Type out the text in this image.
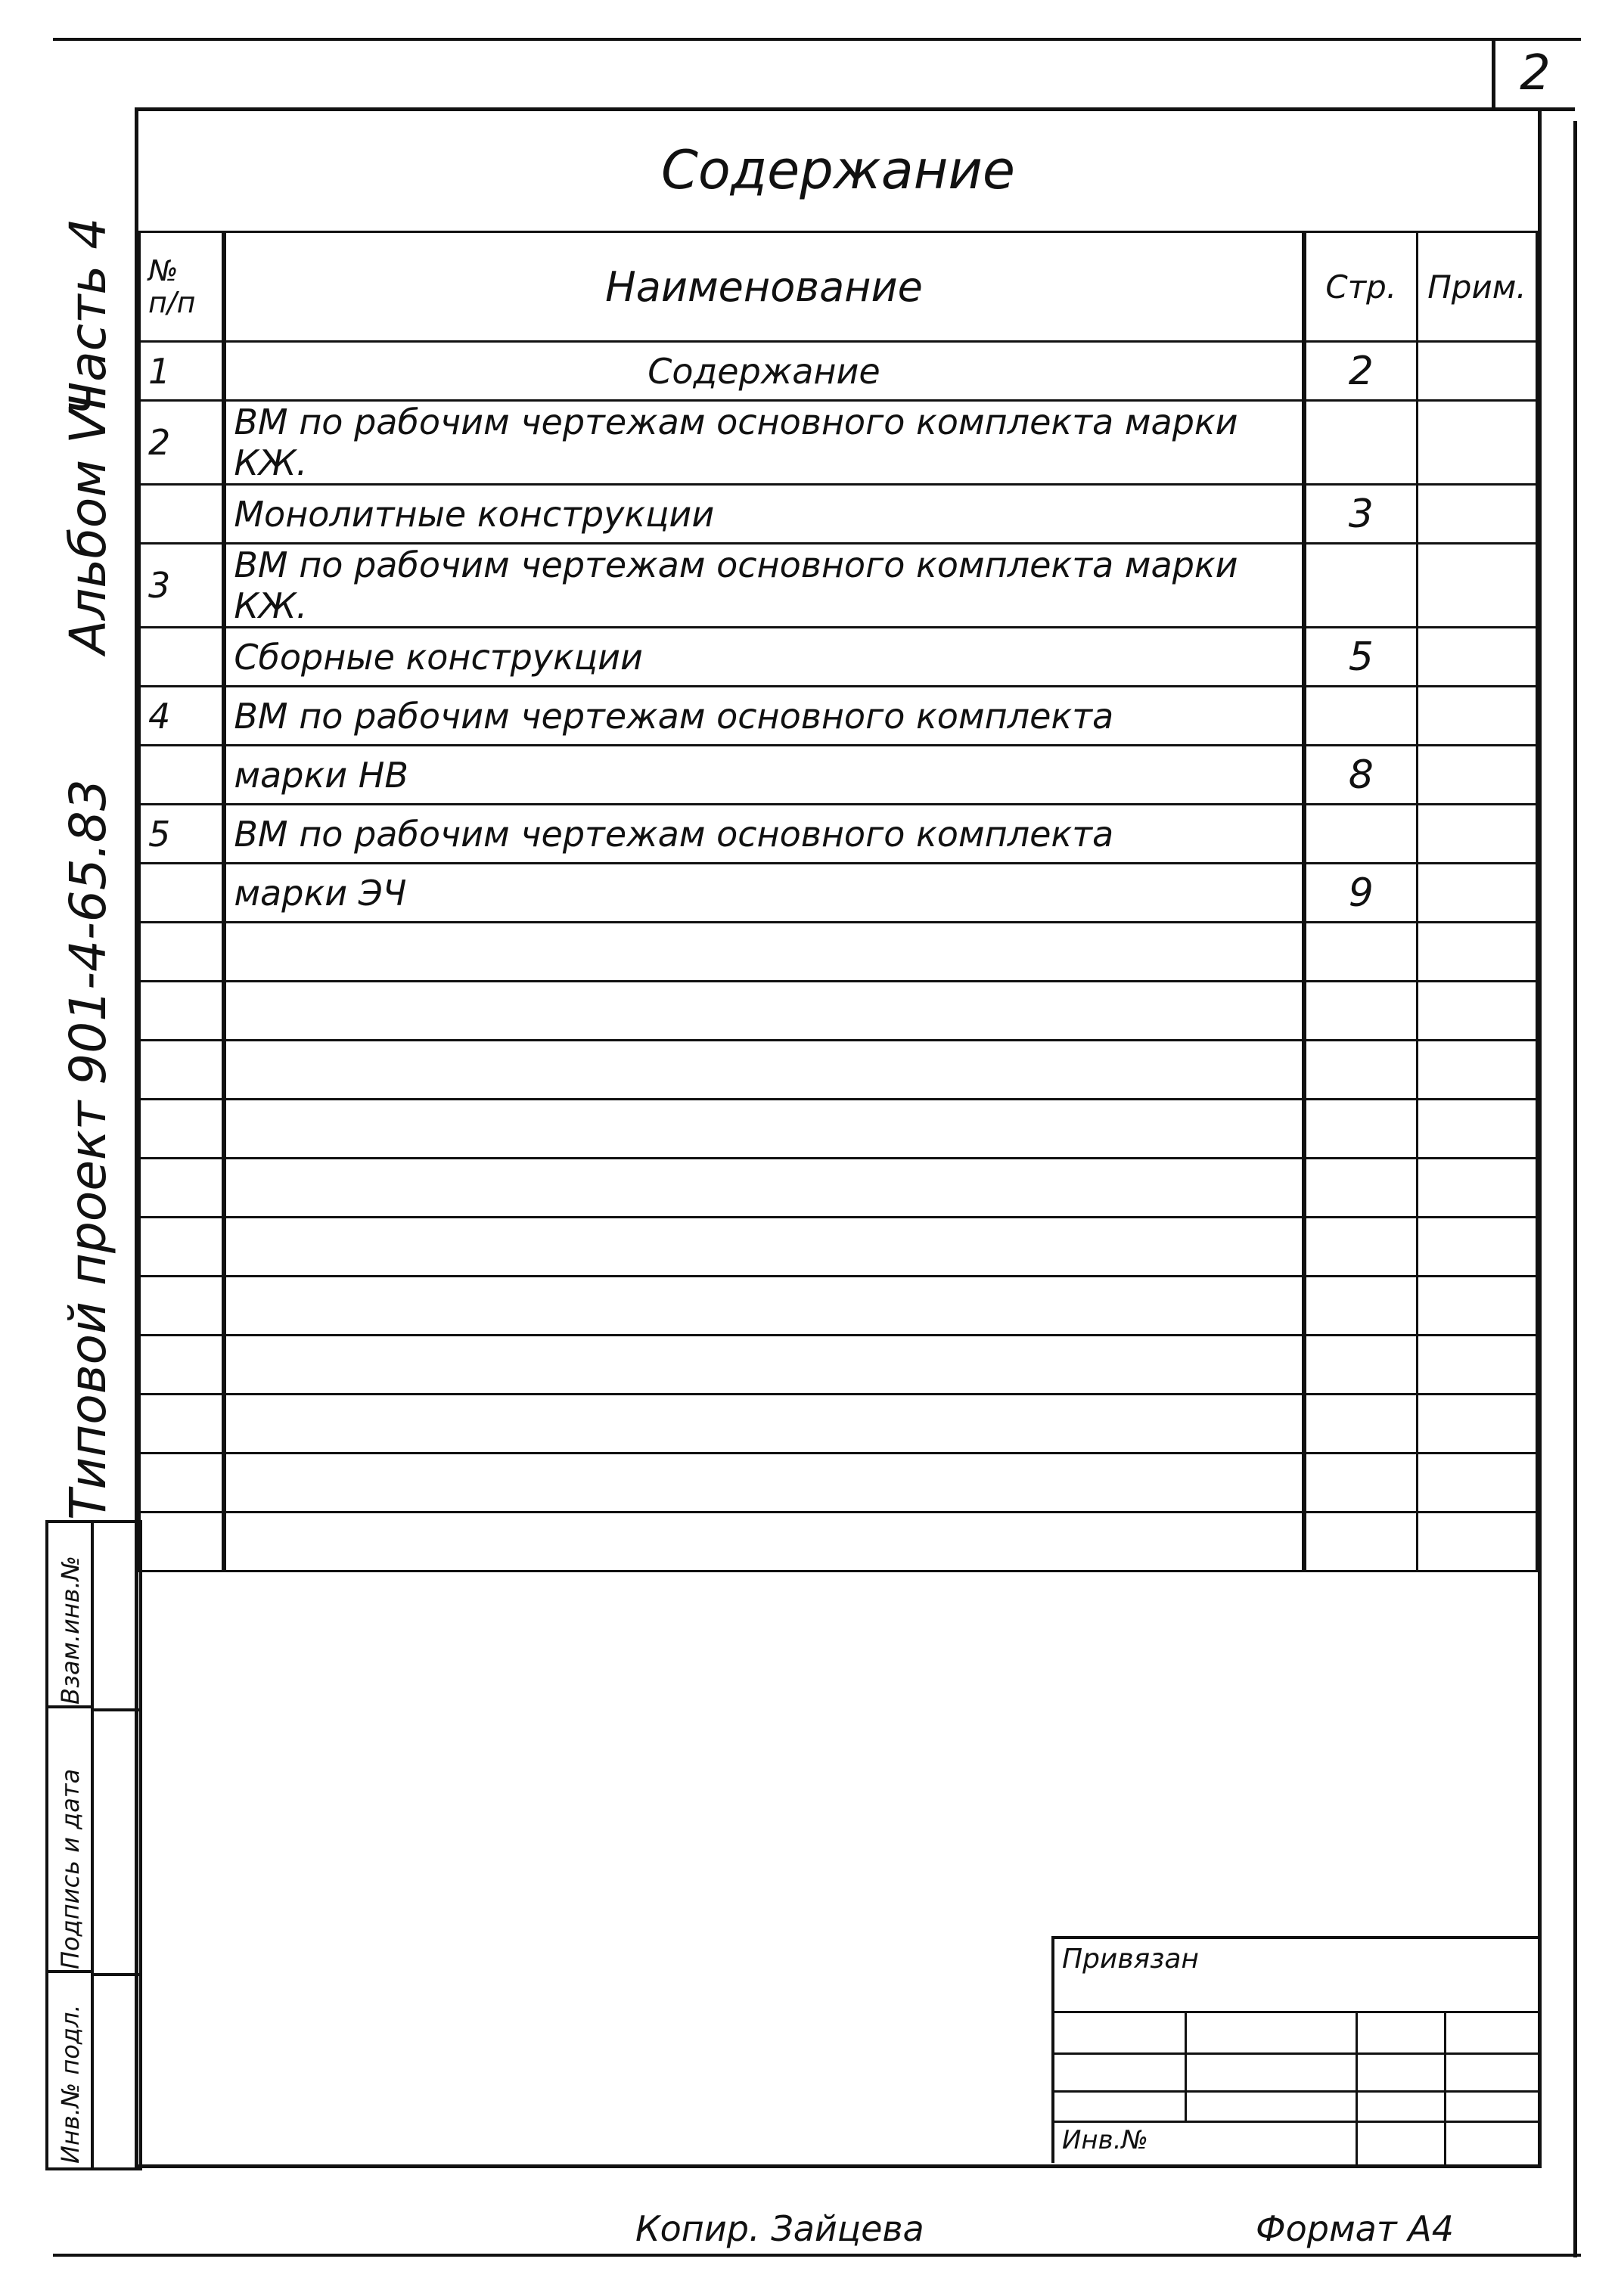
2
Содержание
№ п/п	Наименование	Стр.	Прим.
1	Содержание	2	
2	ВМ по рабочим чертежам основного комплекта марки КЖ.		
	Монолитные конструкции	3	
3	ВМ по рабочим чертежам основного комплекта марки КЖ.		
	Сборные конструкции	5	
4	ВМ по рабочим чертежам основного комплекта		
	марки НВ	8	
5	ВМ по рабочим чертежам основного комплекта		
	марки ЭЧ	9	

Типовой проект 901-4-65.83
Альбом VI
Часть 4
Взам.инв.№
Подпись и дата
Инв.№ подл.
Привязан
Инв.№
Копир. Зайцева	Формат А4
